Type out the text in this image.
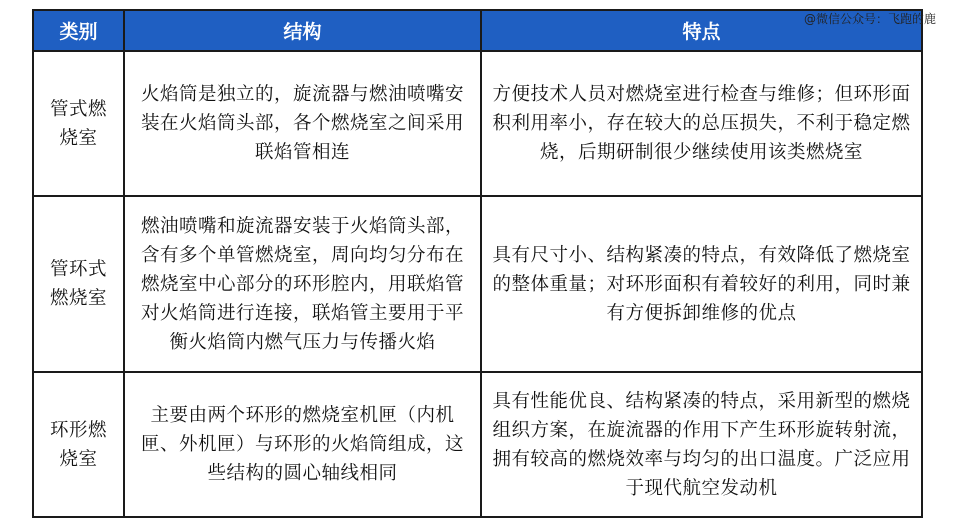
@微信公众号：飞跑的鹿
类别	结构	特点
管式燃烧室	火焰筒是独立的，旋流器与燃油喷嘴安装在火焰筒头部，各个燃烧室之间采用联焰管相连	方便技术人员对燃烧室进行检查与维修；但环形面积利用率小，存在较大的总压损失，不利于稳定燃烧，后期研制很少继续使用该类燃烧室
管环式燃烧室	燃油喷嘴和旋流器安装于火焰筒头部，含有多个单管燃烧室，周向均匀分布在燃烧室中心部分的环形腔内，用联焰管对火焰筒进行连接，联焰管主要用于平衡火焰筒内燃气压力与传播火焰	具有尺寸小、结构紧凑的特点，有效降低了燃烧室的整体重量；对环形面积有着较好的利用，同时兼有方便拆卸维修的优点
环形燃烧室	主要由两个环形的燃烧室机匣（内机匣、外机匣）与环形的火焰筒组成，这些结构的圆心轴线相同	具有性能优良、结构紧凑的特点，采用新型的燃烧组织方案，在旋流器的作用下产生环形旋转射流，拥有较高的燃烧效率与均匀的出口温度。广泛应用于现代航空发动机
